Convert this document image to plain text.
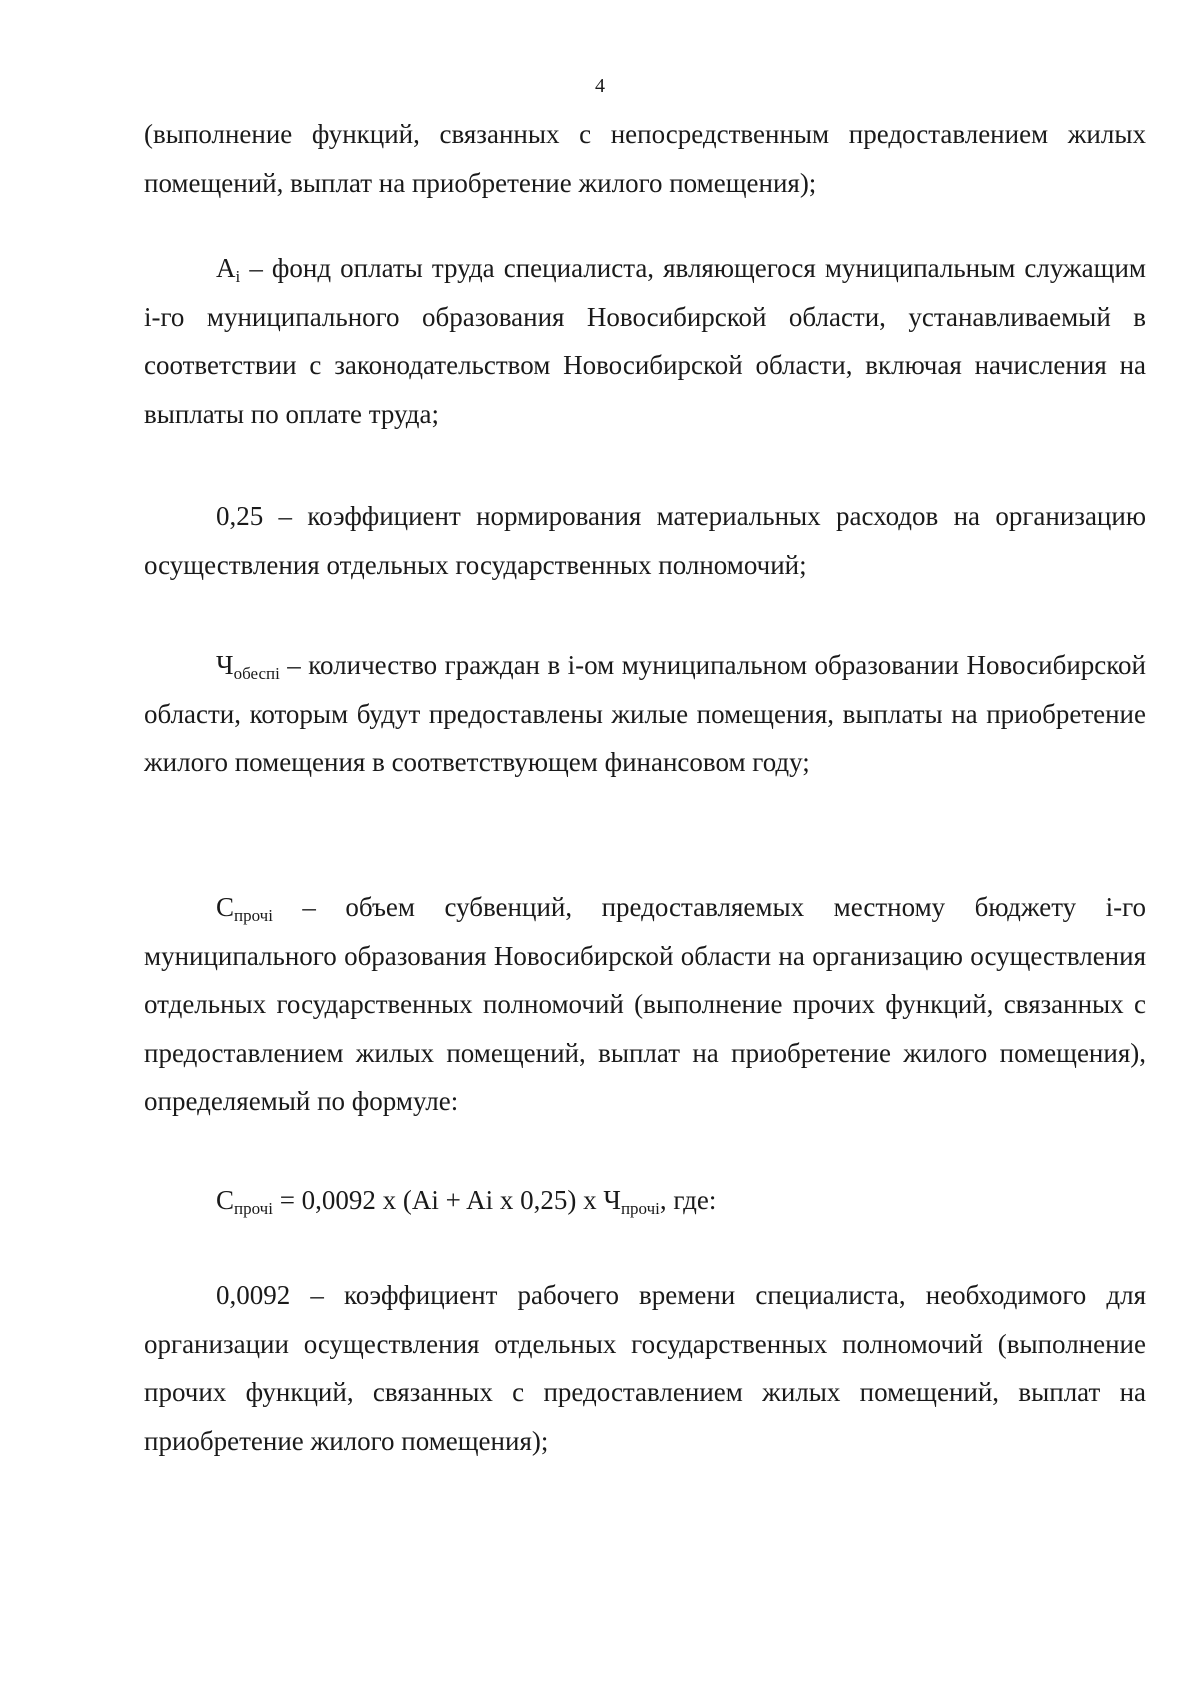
4

(выполнение функций, связанных с непосредственным предоставлением жилых помещений, выплат на приобретение жилого помещения);

$A_i$ – фонд оплаты труда специалиста, являющегося муниципальным служащим i-го муниципального образования Новосибирской области, устанавливаемый в соответствии с законодательством Новосибирской области, включая начисления на выплаты по оплате труда;

0,25 – коэффициент нормирования материальных расходов на организацию осуществления отдельных государственных полномочий;

$Ч_{обеспi}$ – количество граждан в i-ом муниципальном образовании Новосибирской области, которым будут предоставлены жилые помещения, выплаты на приобретение жилого помещения в соответствующем финансовом году;

$С_{прочi}$ – объем субвенций, предоставляемых местному бюджету i-го муниципального образования Новосибирской области на организацию осуществления отдельных государственных полномочий (выполнение прочих функций, связанных с предоставлением жилых помещений, выплат на приобретение жилого помещения), определяемый по формуле:

$С_{прочi} = 0,0092$ x (Ai + Ai x 0,25) x $Ч_{прочi}$, где:

0,0092 – коэффициент рабочего времени специалиста, необходимого для организации осуществления отдельных государственных полномочий (выполнение прочих функций, связанных с предоставлением жилых помещений, выплат на приобретение жилого помещения);
